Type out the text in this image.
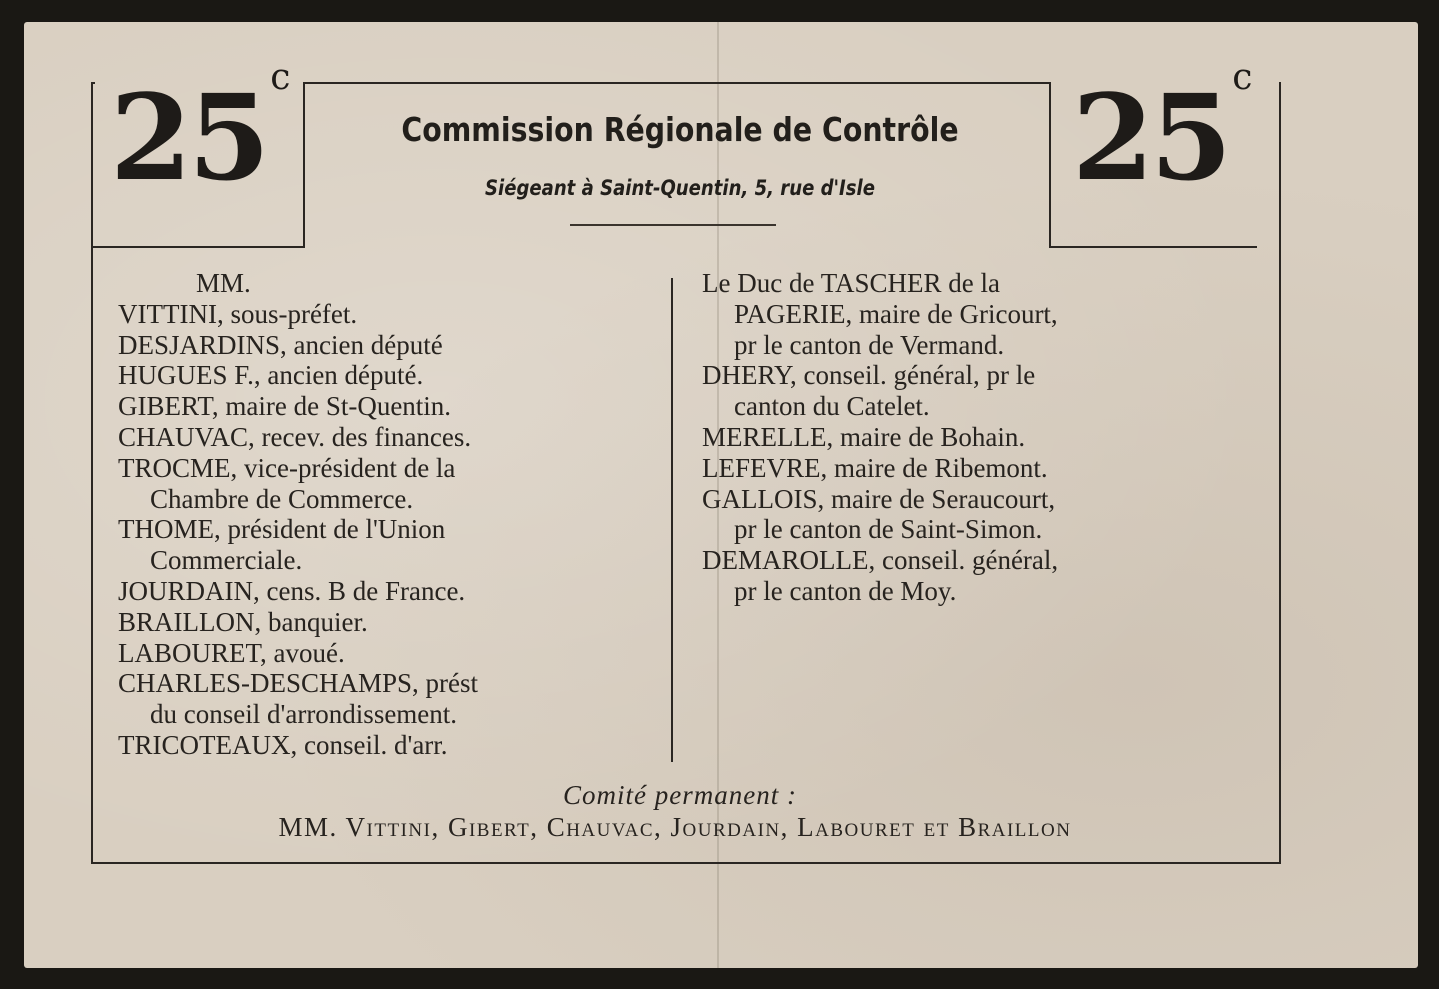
25 $^c$	25 $^c$
Commission Régionale de Contrôle
Siégeant à Saint-Quentin, 5, rue d'Isle
MM.
VITTINI, sous-préfet.
DESJARDINS, ancien député
HUGUES F., ancien député.
GIBERT, maire de St-Quentin.
CHAUVAC, recev. des finances.
TROCME, vice-président de la
Chambre de Commerce.
THOME, président de l'Union
Commerciale.
JOURDAIN, cens. B de France.
BRAILLON, banquier.
LABOURET, avoué.
CHARLES-DESCHAMPS, prést
du conseil d'arrondissement.
TRICOTEAUX, conseil. d'arr.
Le Duc de TASCHER de la
PAGERIE, maire de Gricourt,
pr le canton de Vermand.
DHERY, conseil. général, pr le
canton du Catelet.
MERELLE, maire de Bohain.
LEFEVRE, maire de Ribemont.
GALLOIS, maire de Seraucourt,
pr le canton de Saint-Simon.
DEMAROLLE, conseil. général,
pr le canton de Moy.
Comité permanent :
MM. Vittini, Gibert, Chauvac, Jourdain, Labouret et Braillon
